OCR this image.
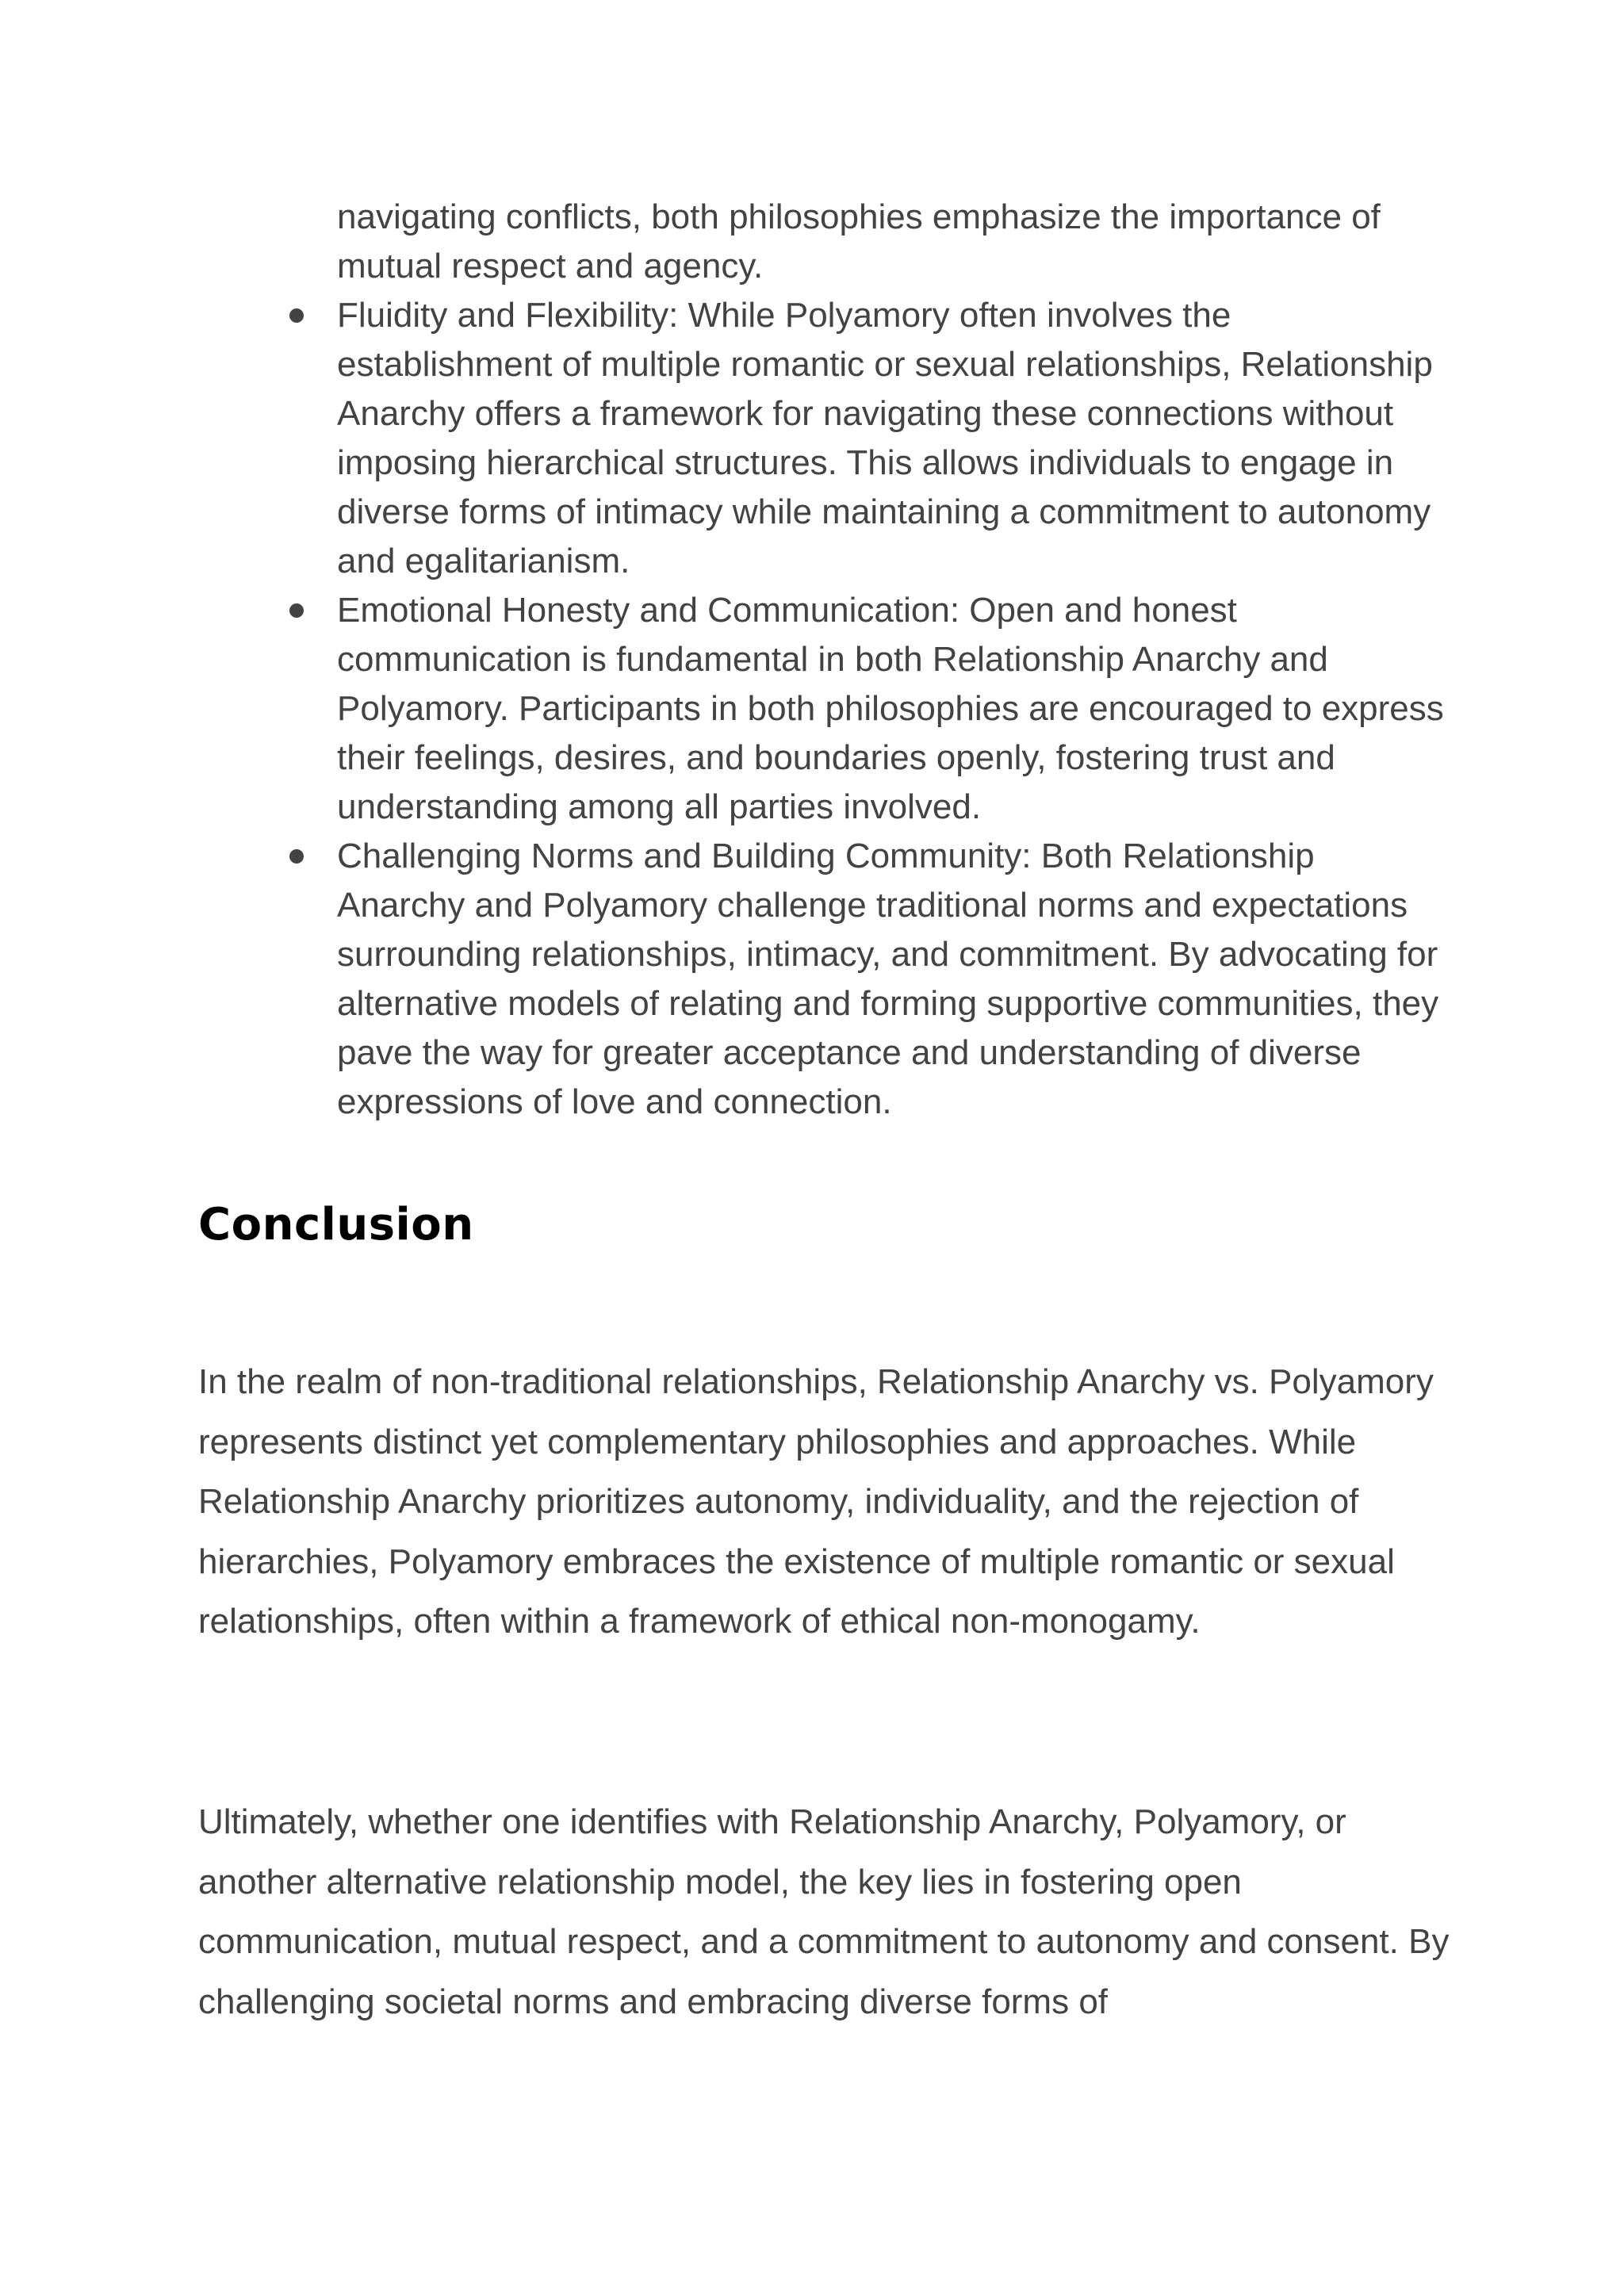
navigating conflicts, both philosophies emphasize the importance of mutual respect and agency.

Fluidity and Flexibility: While Polyamory often involves the establishment of multiple romantic or sexual relationships, Relationship Anarchy offers a framework for navigating these connections without imposing hierarchical structures. This allows individuals to engage in diverse forms of intimacy while maintaining a commitment to autonomy and egalitarianism.
Emotional Honesty and Communication: Open and honest communication is fundamental in both Relationship Anarchy and Polyamory. Participants in both philosophies are encouraged to express their feelings, desires, and boundaries openly, fostering trust and understanding among all parties involved.
Challenging Norms and Building Community: Both Relationship Anarchy and Polyamory challenge traditional norms and expectations surrounding relationships, intimacy, and commitment. By advocating for alternative models of relating and forming supportive communities, they pave the way for greater acceptance and understanding of diverse expressions of love and connection.
Conclusion

In the realm of non-traditional relationships, Relationship Anarchy vs. Polyamory represents distinct yet complementary philosophies and approaches. While Relationship Anarchy prioritizes autonomy, individuality, and the rejection of hierarchies, Polyamory embraces the existence of multiple romantic or sexual relationships, often within a framework of ethical non-monogamy.

Ultimately, whether one identifies with Relationship Anarchy, Polyamory, or another alternative relationship model, the key lies in fostering open communication, mutual respect, and a commitment to autonomy and consent. By challenging societal norms and embracing diverse forms of
